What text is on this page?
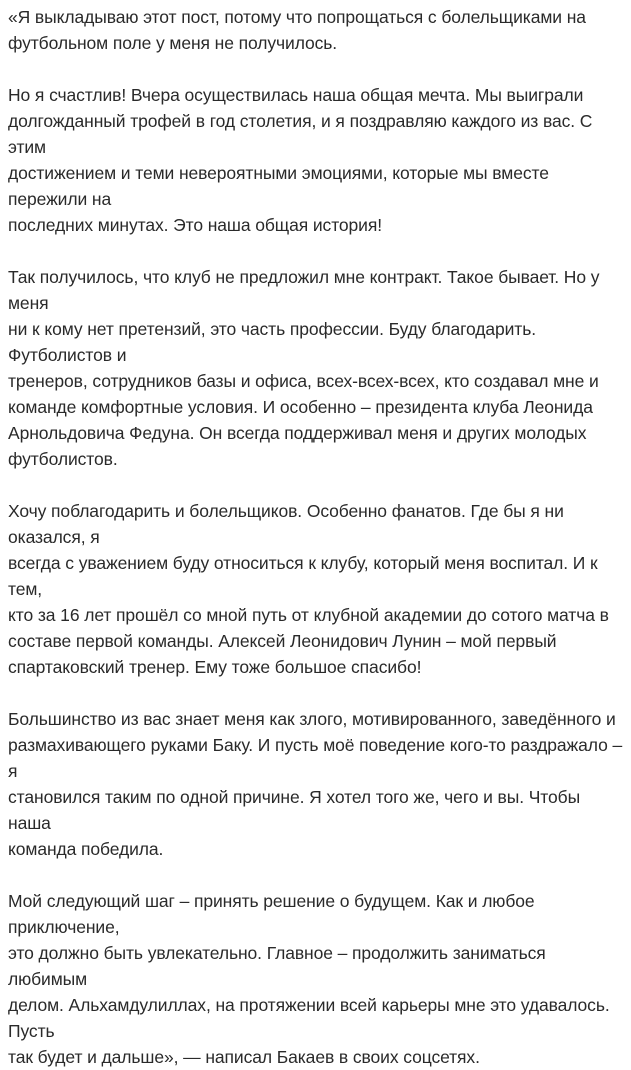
«Я выкладываю этот пост, потому что попрощаться с болельщиками на
футбольном поле у меня не получилось.

Но я счастлив! Вчера осуществилась наша общая мечта. Мы выиграли
долгожданный трофей в год столетия, и я поздравляю каждого из вас. С этим
достижением и теми невероятными эмоциями, которые мы вместе пережили на
последних минутах. Это наша общая история!

Так получилось, что клуб не предложил мне контракт. Такое бывает. Но у меня
ни к кому нет претензий, это часть профессии. Буду благодарить. Футболистов и
тренеров, сотрудников базы и офиса, всех-всех-всех, кто создавал мне и
команде комфортные условия. И особенно – президента клуба Леонида
Арнольдовича Федуна. Он всегда поддерживал меня и других молодых
футболистов.

Хочу поблагодарить и болельщиков. Особенно фанатов. Где бы я ни оказался, я
всегда с уважением буду относиться к клубу, который меня воспитал. И к тем,
кто за 16 лет прошёл со мной путь от клубной академии до сотого матча в
составе первой команды. Алексей Леонидович Лунин – мой первый
спартаковский тренер. Ему тоже большое спасибо!

Большинство из вас знает меня как злого, мотивированного, заведённого и
размахивающего руками Баку. И пусть моё поведение кого-то раздражало – я
становился таким по одной причине. Я хотел того же, чего и вы. Чтобы наша
команда победила.

Мой следующий шаг – принять решение о будущем. Как и любое приключение,
это должно быть увлекательно. Главное – продолжить заниматься любимым
делом. Альхамдулиллах, на протяжении всей карьеры мне это удавалось. Пусть
так будет и дальше», — написал Бакаев в своих соцсетях.
